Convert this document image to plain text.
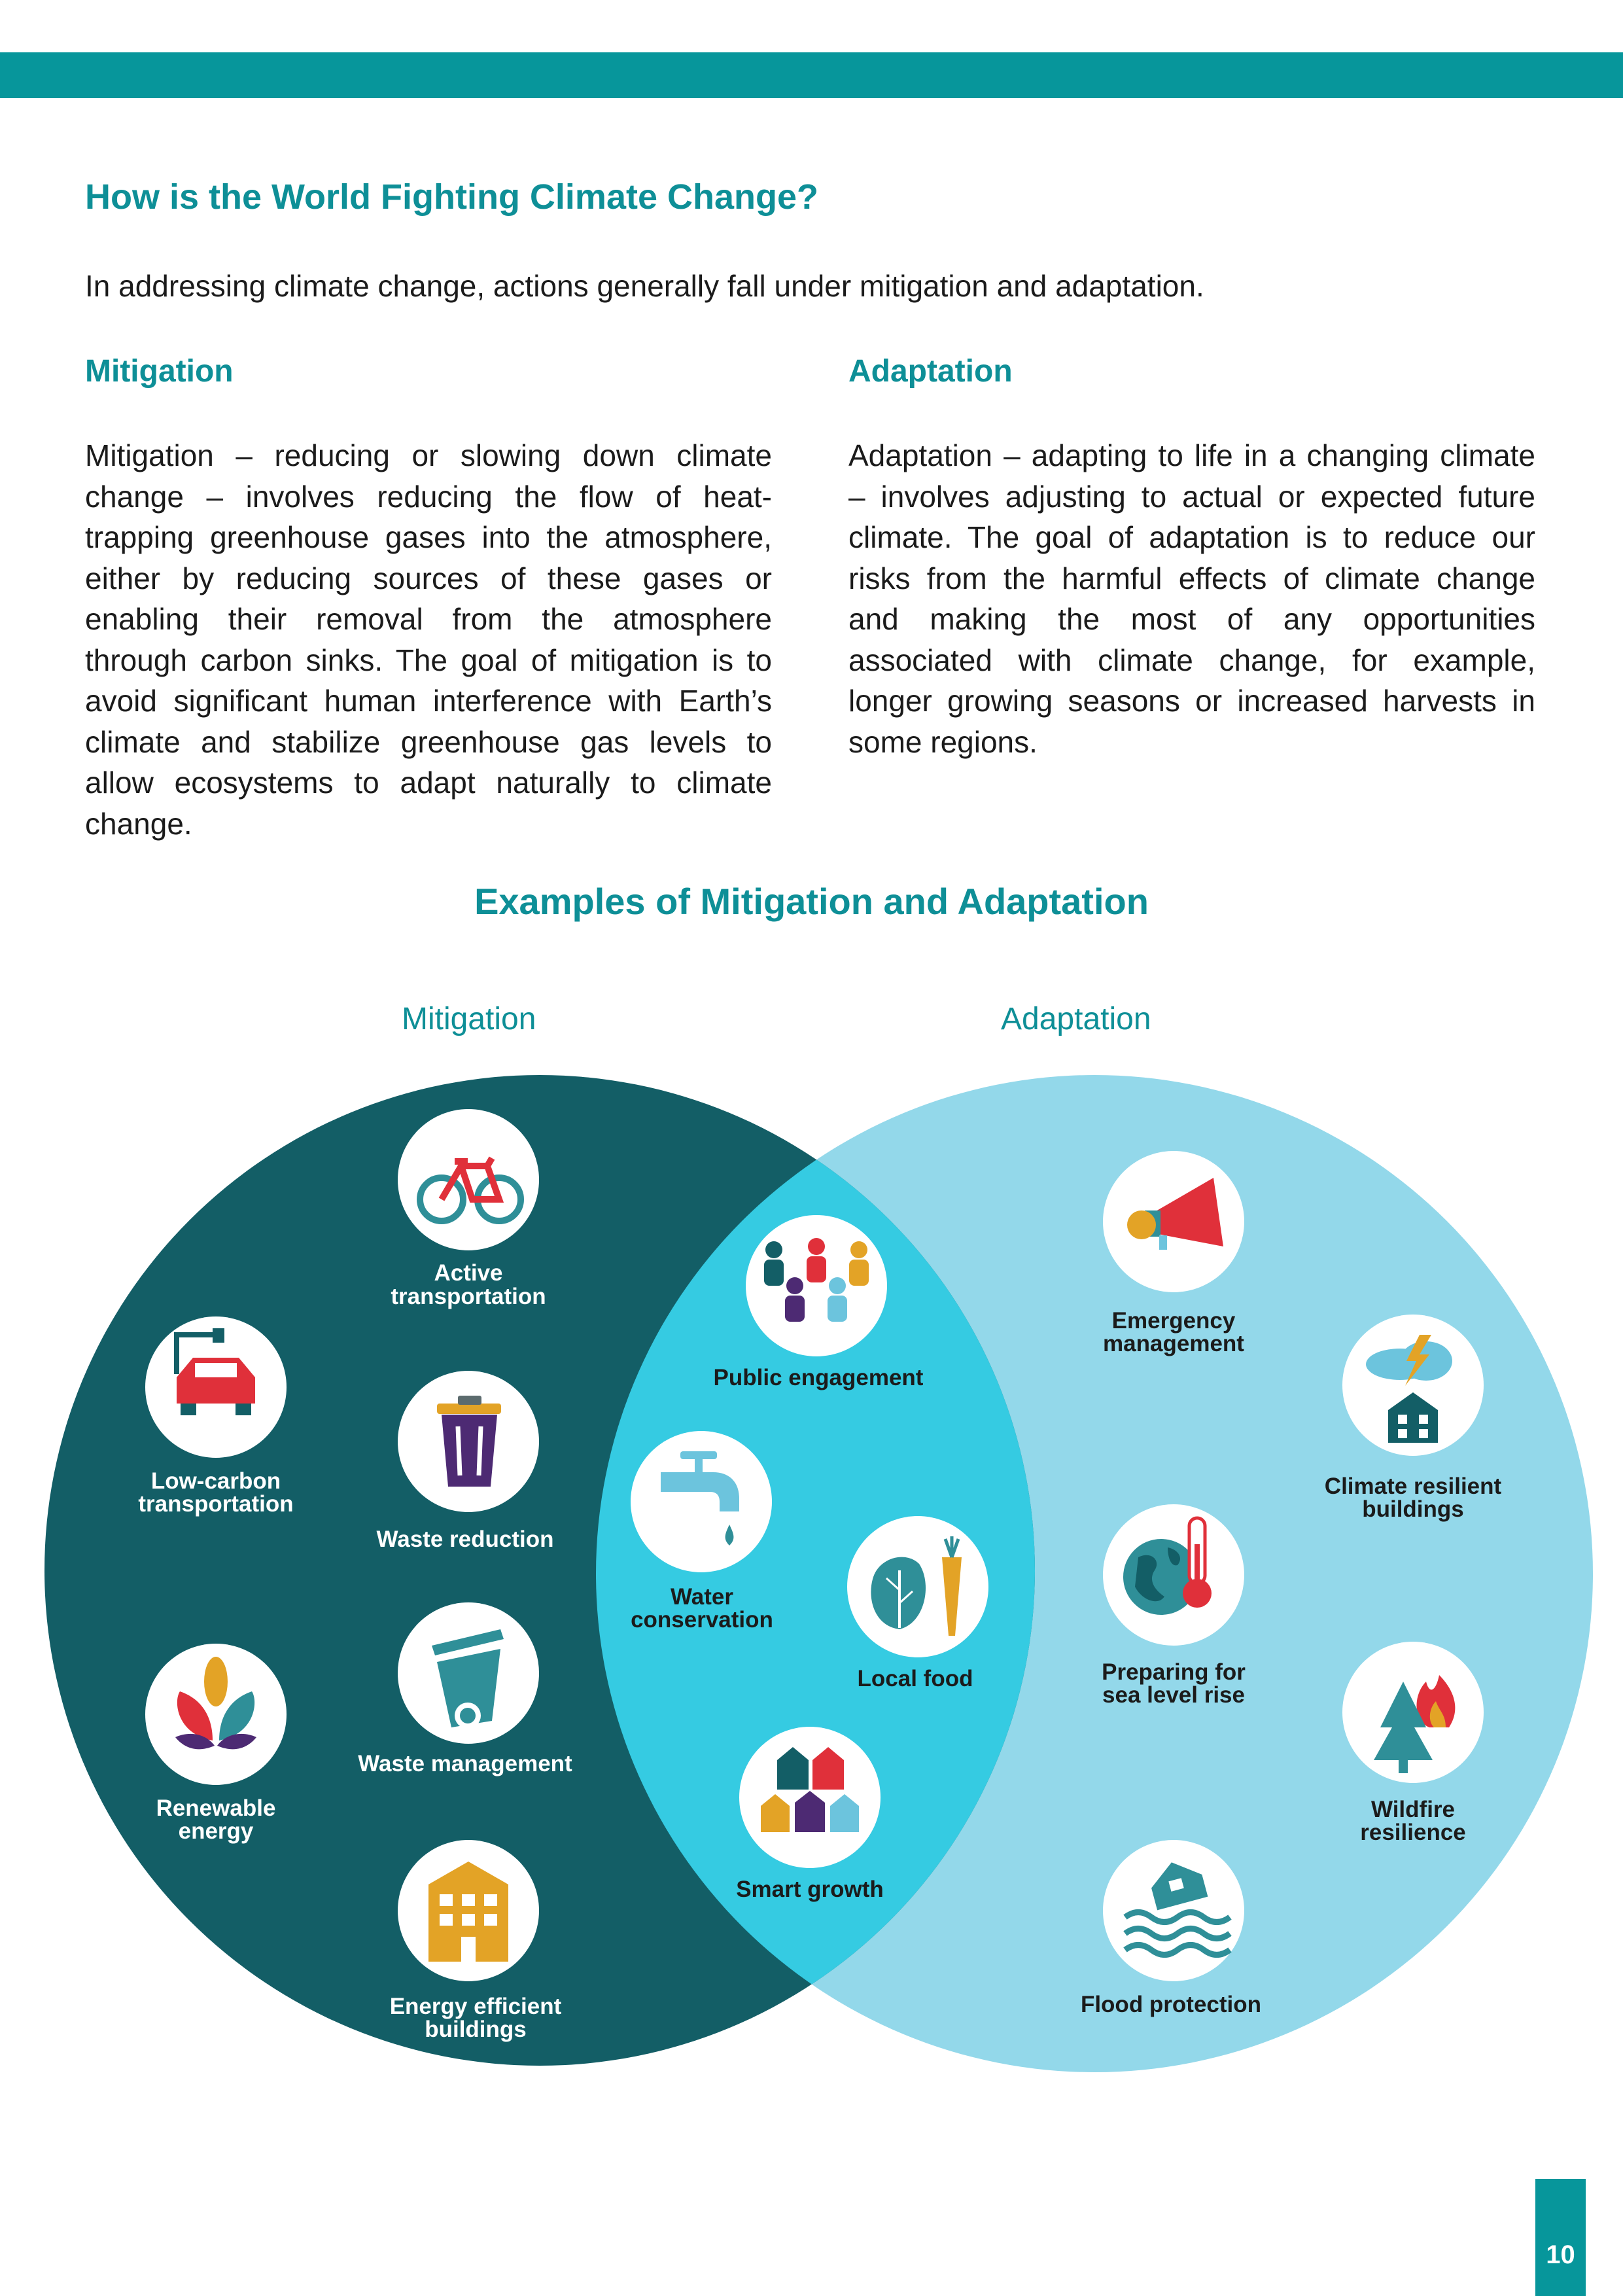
How is the World Fighting Climate Change?

In addressing climate change, actions generally fall under mitigation and adaptation.

Mitigation

Mitigation – reducing or slowing down climate change – involves reducing the flow of heat-trapping greenhouse gases into the atmosphere, either by reducing sources of these gases or enabling their removal from the atmosphere through carbon sinks. The goal of mitigation is to avoid significant human interference with Earth’s climate and stabilize greenhouse gas levels to allow ecosystems to adapt naturally to climate change.

Adaptation

Adaptation – adapting to life in a changing climate – involves adjusting to actual or expected future climate. The goal of adaptation is to reduce our risks from the harmful effects of climate change and making the most of any opportunities associated with climate change, for example, longer growing seasons or increased harvests in some regions.

Examples of Mitigation and Adaptation
Mitigation	Adaptation
Active
transportation
Low-carbon
transportation
Waste reduction
Waste management
Renewable
energy
Energy efficient
buildings
Public engagement
Water
conservation
Local food
Smart growth
Emergency
management
Climate resilient
buildings
Preparing for
sea level rise
Wildfire
resilience
Flood protection
10
